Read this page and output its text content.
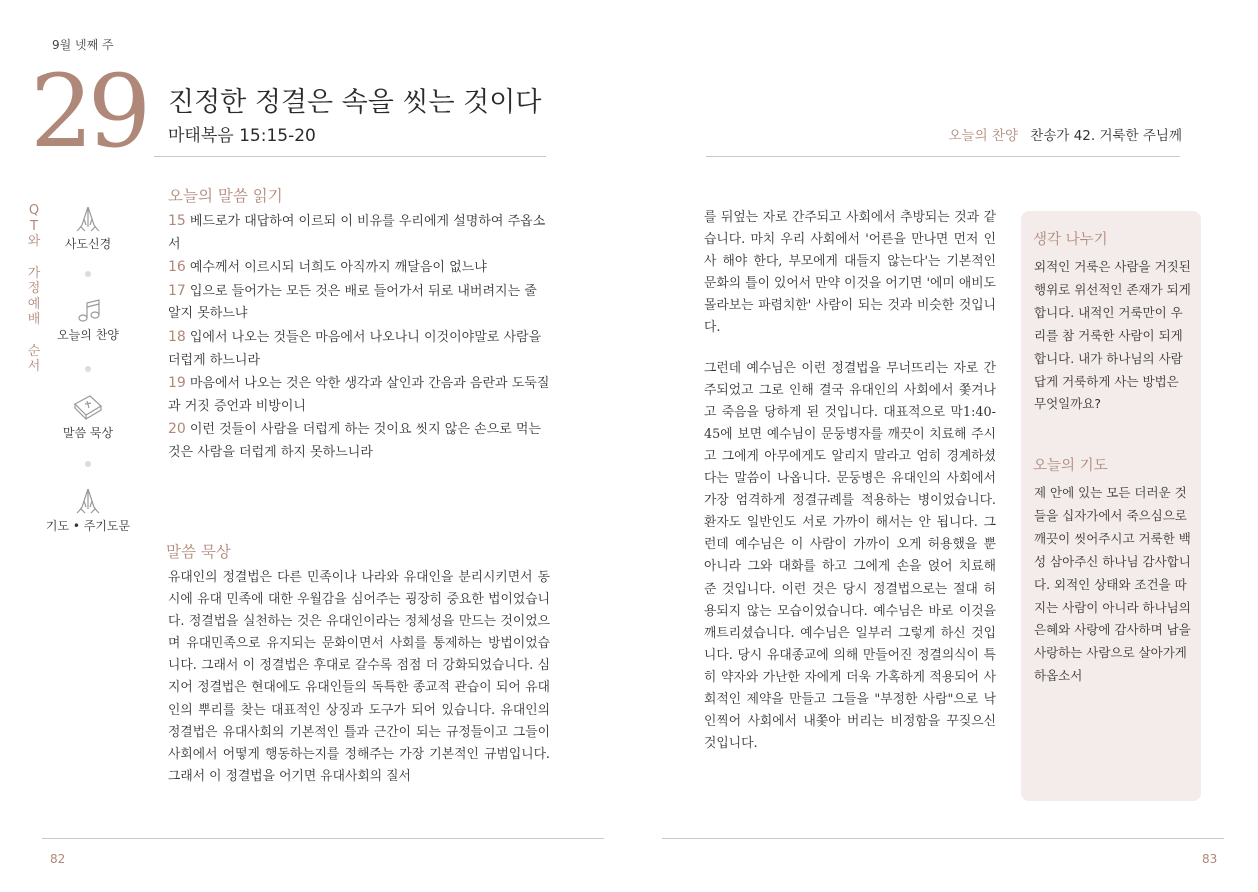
9월 넷째 주
29 진정한 정결은 속을 씻는 것이다
마태복음 15:15-20	오늘의 찬양 찬송가 42. 거룩한 주님께
Q
T
와
가
정
예
배
순
서
사도신경
오늘의 찬양
말씀 묵상
기도 • 주기도문
오늘의 말씀 읽기

15 베드로가 대답하여 이르되 이 비유를 우리에게 설명하여 주옵소서

16 예수께서 이르시되 너희도 아직까지 깨달음이 없느냐

17 입으로 들어가는 모든 것은 배로 들어가서 뒤로 내버려지는 줄 알지 못하느냐

18 입에서 나오는 것들은 마음에서 나오나니 이것이야말로 사람을 더럽게 하느니라

19 마음에서 나오는 것은 악한 생각과 살인과 간음과 음란과 도둑질과 거짓 증언과 비방이니

20 이런 것들이 사람을 더럽게 하는 것이요 씻지 않은 손으로 먹는 것은 사람을 더럽게 하지 못하느니라

말씀 묵상
유대인의 정결법은 다른 민족이나 나라와 유대인을 분리시키면서 동시에 유대 민족에 대한 우월감을 심어주는 굉장히 중요한 법이었습니다. 정결법을 실천하는 것은 유대인이라는 정체성을 만드는 것이었으며 유대민족으로 유지되는 문화이면서 사회를 통제하는 방법이었습니다. 그래서 이 정결법은 후대로 갈수록 점점 더 강화되었습니다. 심지어 정결법은 현대에도 유대인들의 독특한 종교적 관습이 되어 유대인의 뿌리를 찾는 대표적인 상징과 도구가 되어 있습니다. 유대인의 정결법은 유대사회의 기본적인 틀과 근간이 되는 규정들이고 그들이 사회에서 어떻게 행동하는지를 정해주는 가장 기본적인 규범입니다. 그래서 이 정결법을 어기면 유대사회의 질서

를 뒤엎는 자로 간주되고 사회에서 추방되는 것과 같습니다. 마치 우리 사회에서 '어른을 만나면 먼저 인사 해야 한다, 부모에게 대들지 않는다'는 기본적인 문화의 틀이 있어서 만약 이것을 어기면 '에미 애비도 몰라보는 파렴치한' 사람이 되는 것과 비슷한 것입니다.

그런데 예수님은 이런 정결법을 무너뜨리는 자로 간주되었고 그로 인해 결국 유대인의 사회에서 쫓겨나고 죽음을 당하게 된 것입니다. 대표적으로 막1:40-45에 보면 예수님이 문둥병자를 깨끗이 치료해 주시고 그에게 아무에게도 알리지 말라고 엄히 경계하셨다는 말씀이 나옵니다. 문둥병은 유대인의 사회에서 가장 엄격하게 정결규례를 적용하는 병이었습니다. 환자도 일반인도 서로 가까이 해서는 안 됩니다. 그런데 예수님은 이 사람이 가까이 오게 허용했을 뿐 아니라 그와 대화를 하고 그에게 손을 얹어 치료해 준 것입니다. 이런 것은 당시 정결법으로는 절대 허용되지 않는 모습이었습니다. 예수님은 바로 이것을 깨트리셨습니다. 예수님은 일부러 그렇게 하신 것입니다. 당시 유대종교에 의해 만들어진 정결의식이 특히 약자와 가난한 자에게 더욱 가혹하게 적용되어 사회적인 제약을 만들고 그들을 "부정한 사람"으로 낙인찍어 사회에서 내쫓아 버리는 비정함을 꾸짖으신 것입니다.

생각 나누기
외적인 거룩은 사람을 거짓된 행위로 위선적인 존재가 되게 합니다. 내적인 거룩만이 우리를 참 거룩한 사람이 되게 합니다. 내가 하나님의 사람답게 거룩하게 사는 방법은 무엇일까요?
오늘의 기도
제 안에 있는 모든 더러운 것들을 십자가에서 죽으심으로 깨끗이 씻어주시고 거룩한 백성 삼아주신 하나님 감사합니다. 외적인 상태와 조건을 따지는 사람이 아니라 하나님의 은혜와 사랑에 감사하며 남을 사랑하는 사람으로 살아가게 하옵소서
82	83
